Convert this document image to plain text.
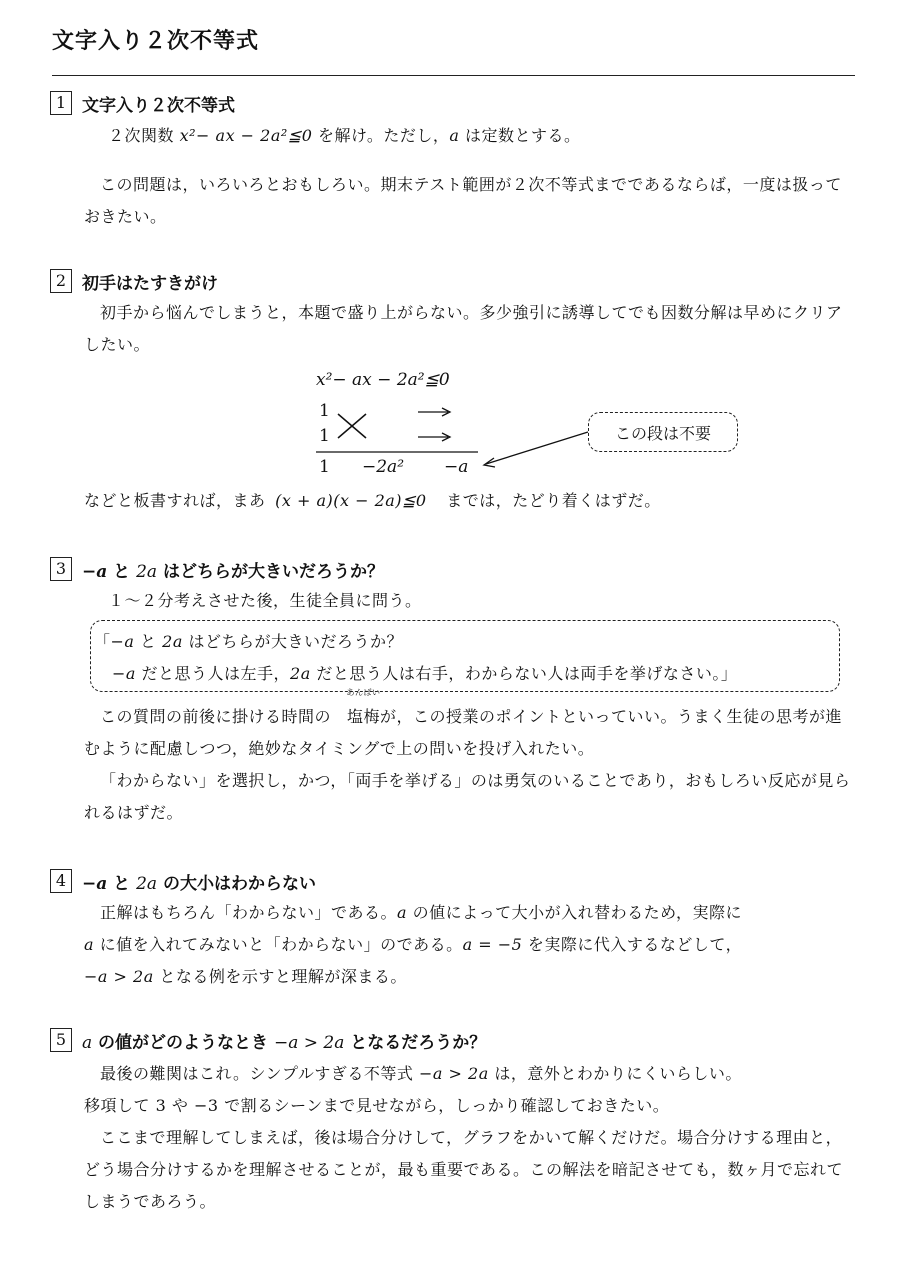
文字入り２次不等式
1 文字入り２次不等式
２次関数 x²− ax − 2a²≦0 を解け。ただし，a は定数とする。
この問題は，いろいろとおもしろい。期末テスト範囲が２次不等式までであるならば，一度は扱っておきたい。
2 初手はたすきがけ
初手から悩んでしまうと，本題で盛り上がらない。多少強引に誘導してでも因数分解は早めにクリアしたい。
x²− ax − 2a²≦0
1
1
1 −2a² −a
この段は不要
などと板書すれば，まあ (x + a)(x − 2a)≦0 までは，たどり着くはずだ。
3 −a と 2a はどちらが大きいだろうか？
１〜２分考えさせた後，生徒全員に問う。
「−a と 2a はどちらが大きいだろうか？
−a だと思う人は左手，2a だと思う人は右手，わからない人は両手を挙げなさい。」
この質問の前後に掛ける時間の 塩梅
あんばい
が，この授業のポイントといっていい。うまく生徒の思考が進むように配慮しつつ，絶妙なタイミングで上の問いを投げ入れたい。
「わからない」を選択し，かつ，「両手を挙げる」のは勇気のいることであり，おもしろい反応が見られるはずだ。
4 −a と 2a の大小はわからない
正解はもちろん「わからない」である。a の値によって大小が入れ替わるため，実際に
a に値を入れてみないと「わからない」のである。a = −5 を実際に代入するなどして，
−a > 2a となる例を示すと理解が深まる。
5 a の値がどのようなとき −a > 2a となるだろうか？
最後の難関はこれ。シンプルすぎる不等式 −a > 2a は，意外とわかりにくいらしい。
移項して 3 や −3 で割るシーンまで見せながら，しっかり確認しておきたい。
ここまで理解してしまえば，後は場合分けして，グラフをかいて解くだけだ。場合分けする理由と，どう場合分けするかを理解させることが，最も重要である。この解法を暗記させても，数ヶ月で忘れてしまうであろう。
